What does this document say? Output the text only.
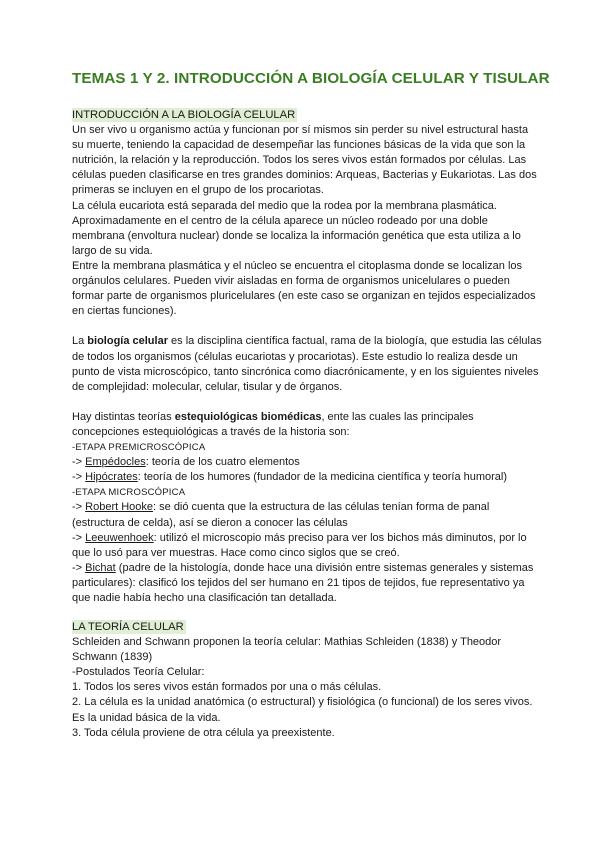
TEMAS 1 Y 2. INTRODUCCIÓN A BIOLOGÍA CELULAR Y TISULAR

INTRODUCCIÓN A LA BIOLOGÍA CELULAR

Un ser vivo u organismo actúa y funcionan por sí mismos sin perder su nivel estructural hasta su muerte, teniendo la capacidad de desempeñar las funciones básicas de la vida que son la nutrición, la relación y la reproducción. Todos los seres vivos están formados por células. Las células pueden clasificarse en tres grandes dominios: Arqueas, Bacterias y Eukariotas. Las dos primeras se incluyen en el grupo de los procariotas.

La célula eucariota está separada del medio que la rodea por la membrana plasmática. Aproximadamente en el centro de la célula aparece un núcleo rodeado por una doble membrana (envoltura nuclear) donde se localiza la información genética que esta utiliza a lo largo de su vida.

Entre la membrana plasmática y el núcleo se encuentra el citoplasma donde se localizan los orgánulos celulares. Pueden vivir aisladas en forma de organismos unicelulares o pueden formar parte de organismos pluricelulares (en este caso se organizan en tejidos especializados en ciertas funciones).

La biología celular es la disciplina científica factual, rama de la biología, que estudia las células de todos los organismos (células eucariotas y procariotas). Este estudio lo realiza desde un punto de vista microscópico, tanto sincrónica como diacrónicamente, y en los siguientes niveles de complejidad: molecular, celular, tisular y de órganos.

Hay distintas teorías estequiológicas biomédicas, ente las cuales las principales concepciones estequiológicas a través de la historia son:

-ETAPA PREMICROSCÓPICA

-> Empédocles: teoría de los cuatro elementos

-> Hipócrates: teoría de los humores (fundador de la medicina científica y teoría humoral)

-ETAPA MICROSCÓPICA

-> Robert Hooke: se dió cuenta que la estructura de las células tenían forma de panal (estructura de celda), así se dieron a conocer las células

-> Leeuwenhoek: utilizó el microscopio más preciso para ver los bichos más diminutos, por lo que lo usó para ver muestras. Hace como cinco siglos que se creó.

-> Bichat (padre de la histología, donde hace una división entre sistemas generales y sistemas particulares): clasificó los tejidos del ser humano en 21 tipos de tejidos, fue representativo ya que nadie había hecho una clasificación tan detallada.

LA TEORÍA CELULAR

Schleiden and Schwann proponen la teoría celular: Mathias Schleiden (1838) y Theodor Schwann (1839)

-Postulados Teoría Celular:

1. Todos los seres vivos están formados por una o más células.

2. La célula es la unidad anatómica (o estructural) y fisiológica (o funcional) de los seres vivos. Es la unidad básica de la vida.

3. Toda célula proviene de otra célula ya preexistente.
